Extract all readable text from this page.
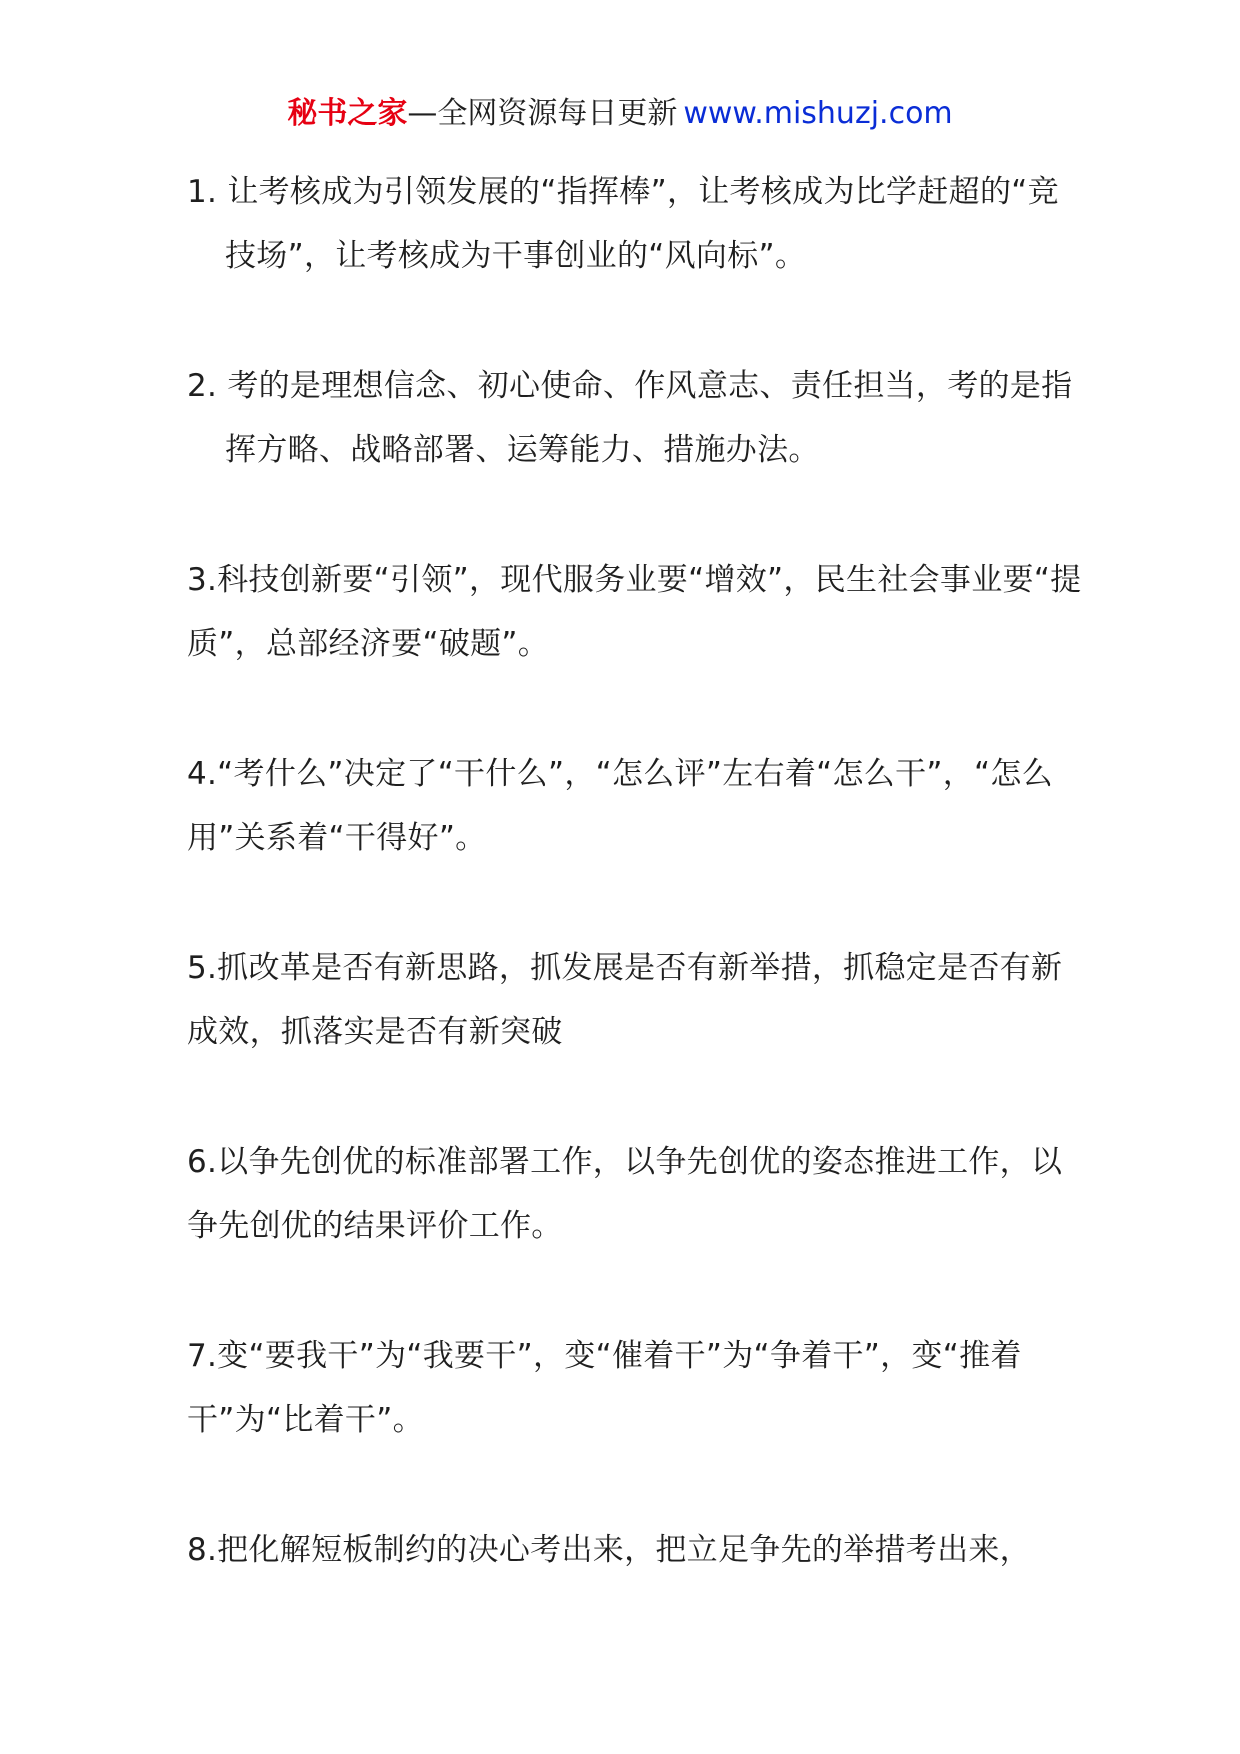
秘书之家—全网资源每日更新 www.mishuzj.com

1. 让考核成为引领发展的“指挥棒”，让考核成为比学赶超的“竞技场”，让考核成为干事创业的“风向标”。

2. 考的是理想信念、初心使命、作风意志、责任担当，考的是指挥方略、战略部署、运筹能力、措施办法。

3.科技创新要“引领”，现代服务业要“增效”，民生社会事业要“提质”，总部经济要“破题”。

4.“考什么”决定了“干什么”，“怎么评”左右着“怎么干”，“怎么用”关系着“干得好”。

5.抓改革是否有新思路，抓发展是否有新举措，抓稳定是否有新成效，抓落实是否有新突破

6.以争先创优的标准部署工作，以争先创优的姿态推进工作，以争先创优的结果评价工作。

7.变“要我干”为“我要干”，变“催着干”为“争着干”，变“推着干”为“比着干”。

8.把化解短板制约的决心考出来，把立足争先的举措考出来，
